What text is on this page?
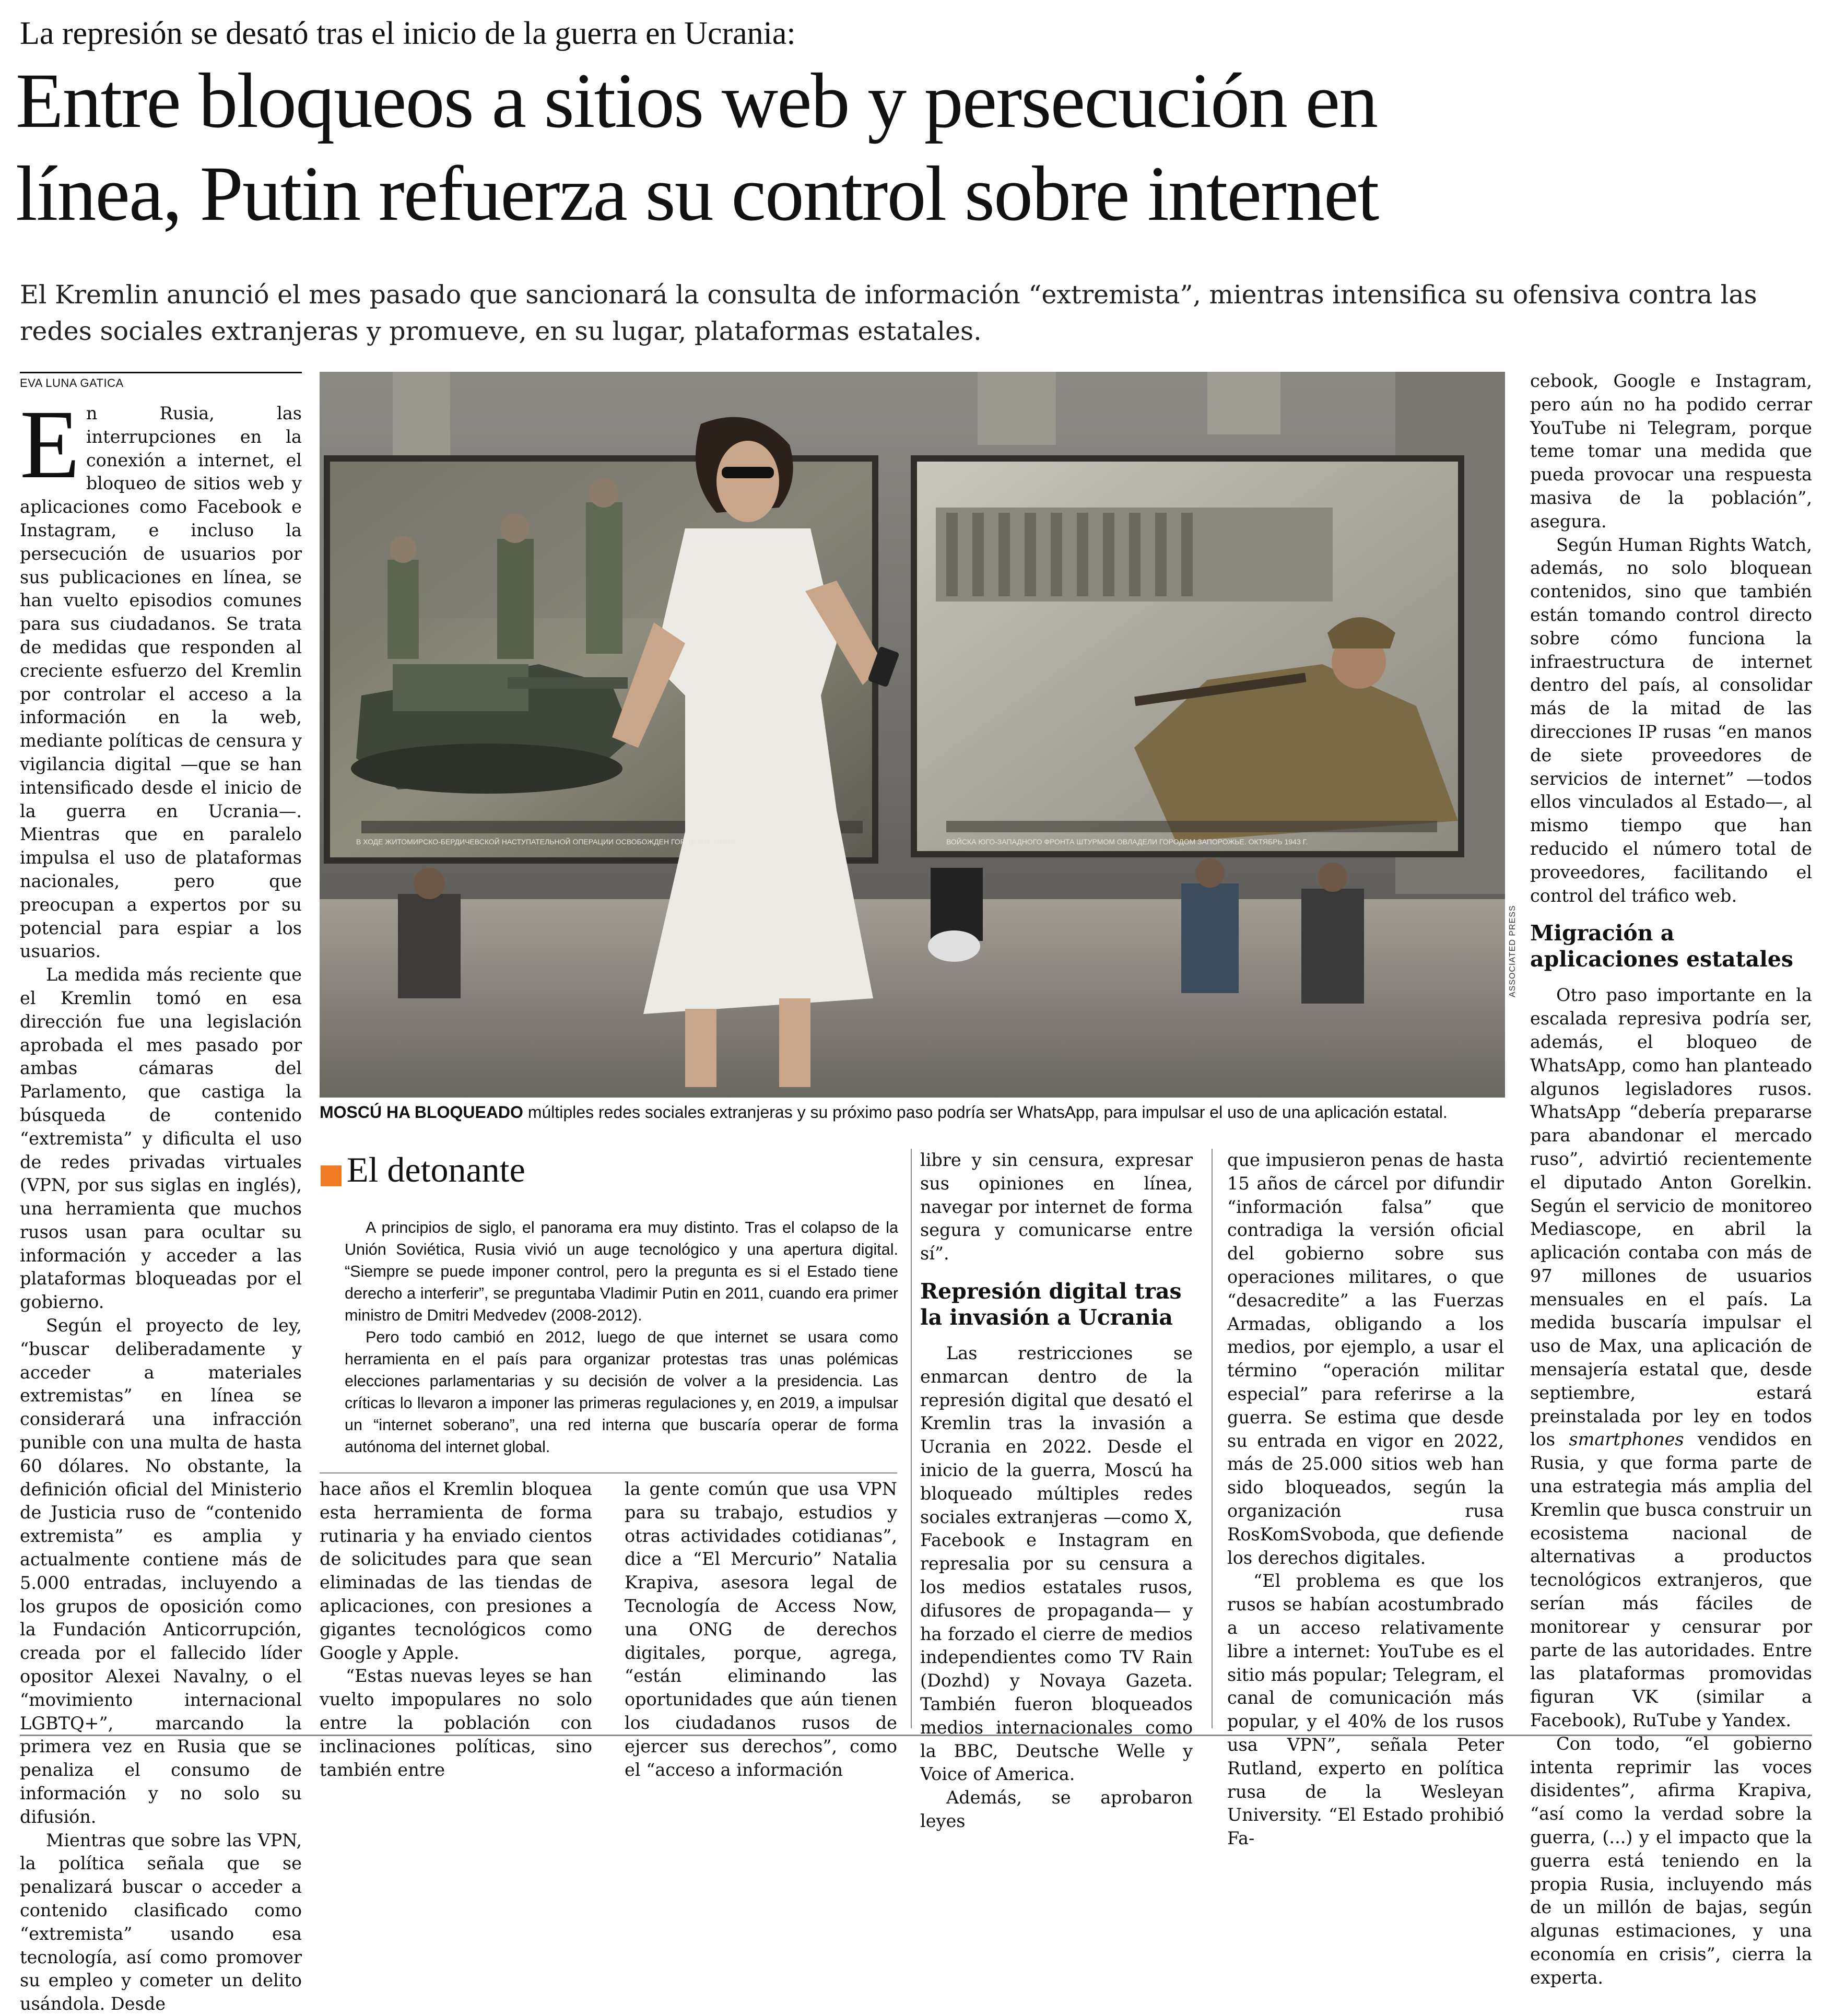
La represión se desató tras el inicio de la guerra en Ucrania:
Entre bloqueos a sitios web y persecución en
línea, Putin refuerza su control sobre internet
El Kremlin anunció el mes pasado que sancionará la consulta de información “extremista”, mientras intensifica su ofensiva contra las redes sociales extranjeras y promueve, en su lugar, plataformas estatales.
EVA LUNA GATICA

En Rusia, las interrupciones en la conexión a internet, el bloqueo de sitios web y aplicaciones como Facebook e Instagram, e incluso la persecución de usuarios por sus publicaciones en línea, se han vuelto episodios comunes para sus ciudadanos. Se trata de medidas que responden al creciente esfuerzo del Kremlin por controlar el acceso a la información en la web, mediante políticas de censura y vigilancia digital —que se han intensificado desde el inicio de la guerra en Ucrania—. Mientras que en paralelo impulsa el uso de plataformas nacionales, pero que preocupan a expertos por su potencial para espiar a los usuarios.

La medida más reciente que el Kremlin tomó en esa dirección fue una legislación aprobada el mes pasado por ambas cámaras del Parlamento, que castiga la búsqueda de contenido “extremista” y dificulta el uso de redes privadas virtuales (VPN, por sus siglas en inglés), una herramienta que muchos rusos usan para ocultar su información y acceder a las plataformas bloqueadas por el gobierno.

Según el proyecto de ley, “buscar deliberadamente y acceder a materiales extremistas” en línea se considerará una infracción punible con una multa de hasta 60 dólares. No obstante, la definición oficial del Ministerio de Justicia ruso de “contenido extremista” es amplia y actualmente contiene más de 5.000 entradas, incluyendo a los grupos de oposición como la Fundación Anticorrupción, creada por el fallecido líder opositor Alexei Navalny, o el “movimiento internacional LGBTQ+”, marcando la primera vez en Rusia que se penaliza el consumo de información y no solo su difusión.

Mientras que sobre las VPN, la política señala que se penalizará buscar o acceder a contenido clasificado como “extremista” usando esa tecnología, así como promover su empleo y cometer un delito usándola. Desde

В ХОДЕ ЖИТОМИРСКО-БЕРДИЧЕВСКОЙ НАСТУПАТЕЛЬНОЙ ОПЕРАЦИИ ОСВОБОЖДЕН ГОРОД ЖИТОМИР	ВОЙСКА ЮГО-ЗАПАДНОГО ФРОНТА ШТУРМОМ ОВЛАДЕЛИ ГОРОДОМ ЗАПОРОЖЬЕ. ОКТЯБРЬ 1943 Г.
ASSOCIATED PRESS
MOSCÚ HA BLOQUEADO múltiples redes sociales extranjeras y su próximo paso podría ser WhatsApp, para impulsar el uso de una aplicación estatal.

cebook, Google e Instagram, pero aún no ha podido cerrar YouTube ni Telegram, porque teme tomar una medida que pueda provocar una respuesta masiva de la población”, asegura.

Según Human Rights Watch, además, no solo bloquean contenidos, sino que también están tomando control directo sobre cómo funciona la infraestructura de internet dentro del país, al consolidar más de la mitad de las direcciones IP rusas “en manos de siete proveedores de servicios de internet” —todos ellos vinculados al Estado—, al mismo tiempo que han reducido el número total de proveedores, facilitando el control del tráfico web.

Migración a aplicaciones estatales

Otro paso importante en la escalada represiva podría ser, además, el bloqueo de WhatsApp, como han planteado algunos legisladores rusos. WhatsApp “debería prepararse para abandonar el mercado ruso”, advirtió recientemente el diputado Anton Gorelkin. Según el servicio de monitoreo Mediascope, en abril la aplicación contaba con más de 97 millones de usuarios mensuales en el país. La medida buscaría impulsar el uso de Max, una aplicación de mensajería estatal que, desde septiembre, estará preinstalada por ley en todos los smartphones vendidos en Rusia, y que forma parte de una estrategia más amplia del Kremlin que busca construir un ecosistema nacional de alternativas a productos tecnológicos extranjeros, que serían más fáciles de monitorear y censurar por parte de las autoridades. Entre las plataformas promovidas figuran VK (similar a Facebook), RuTube y Yandex.

Con todo, “el gobierno intenta reprimir las voces disidentes”, afirma Krapiva, “así como la verdad sobre la guerra, (...) y el impacto que la guerra está teniendo en la propia Rusia, incluyendo más de un millón de bajas, según algunas estimaciones, y una economía en crisis”, cierra la experta.

El detonante

A principios de siglo, el panorama era muy distinto. Tras el colapso de la Unión Soviética, Rusia vivió un auge tecnológico y una apertura digital. “Siempre se puede imponer control, pero la pregunta es si el Estado tiene derecho a interferir”, se preguntaba Vladimir Putin en 2011, cuando era primer ministro de Dmitri Medvedev (2008-2012).

Pero todo cambió en 2012, luego de que internet se usara como herramienta en el país para organizar protestas tras unas polémicas elecciones parlamentarias y su decisión de volver a la presidencia. Las críticas lo llevaron a imponer las primeras regulaciones y, en 2019, a impulsar un “internet soberano”, una red interna que buscaría operar de forma autónoma del internet global.

hace años el Kremlin bloquea esta herramienta de forma rutinaria y ha enviado cientos de solicitudes para que sean eliminadas de las tiendas de aplicaciones, con presiones a gigantes tecnológicos como Google y Apple.

“Estas nuevas leyes se han vuelto impopulares no solo entre la población con inclinaciones políticas, sino también entre

la gente común que usa VPN para su trabajo, estudios y otras actividades cotidianas”, dice a “El Mercurio” Natalia Krapiva, asesora legal de Tecnología de Access Now, una ONG de derechos digitales, porque, agrega, “están eliminando las oportunidades que aún tienen los ciudadanos rusos de ejercer sus derechos”, como el “acceso a información

libre y sin censura, expresar sus opiniones en línea, navegar por internet de forma segura y comunicarse entre sí”.

Represión digital tras la invasión a Ucrania

Las restricciones se enmarcan dentro de la represión digital que desató el Kremlin tras la invasión a Ucrania en 2022. Desde el inicio de la guerra, Moscú ha bloqueado múltiples redes sociales extranjeras —como X, Facebook e Instagram en represalia por su censura a los medios estatales rusos, difusores de propaganda— y ha forzado el cierre de medios independientes como TV Rain (Dozhd) y Novaya Gazeta. También fueron bloqueados medios internacionales como la BBC, Deutsche Welle y Voice of America.

Además, se aprobaron leyes

que impusieron penas de hasta 15 años de cárcel por difundir “información falsa” que contradiga la versión oficial del gobierno sobre sus operaciones militares, o que “desacredite” a las Fuerzas Armadas, obligando a los medios, por ejemplo, a usar el término “operación militar especial” para referirse a la guerra. Se estima que desde su entrada en vigor en 2022, más de 25.000 sitios web han sido bloqueados, según la organización rusa RosKomSvoboda, que defiende los derechos digitales.

“El problema es que los rusos se habían acostumbrado a un acceso relativamente libre a internet: YouTube es el sitio más popular; Telegram, el canal de comunicación más popular, y el 40% de los rusos usa VPN”, señala Peter Rutland, experto en política rusa de la Wesleyan University. “El Estado prohibió Fa-
